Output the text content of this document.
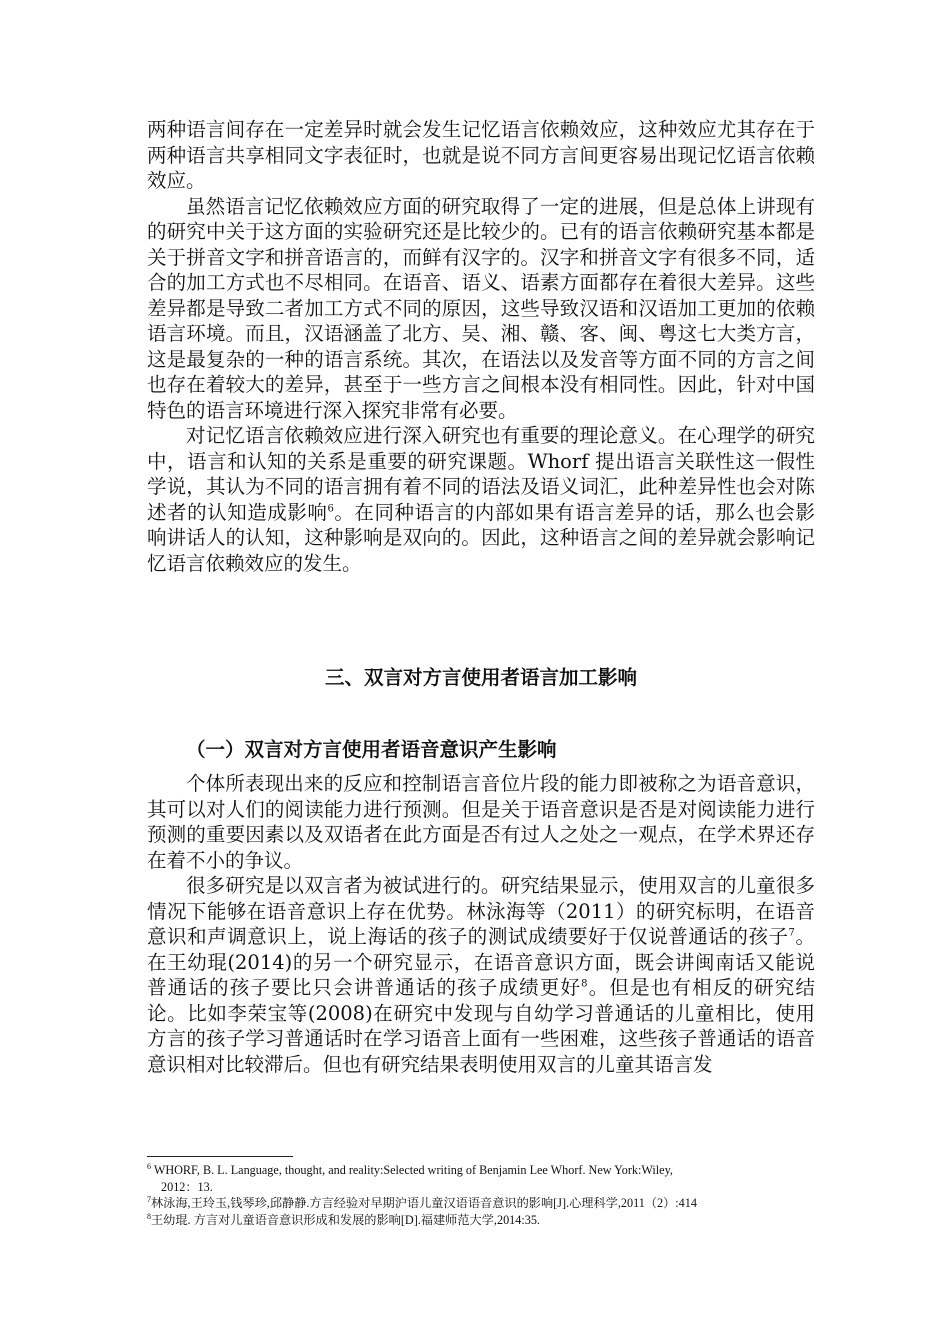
两种语言间存在一定差异时就会发生记忆语言依赖效应，这种效应尤其存在于两种语言共享相同文字表征时，也就是说不同方言间更容易出现记忆语言依赖效应。

虽然语言记忆依赖效应方面的研究取得了一定的进展，但是总体上讲现有的研究中关于这方面的实验研究还是比较少的。已有的语言依赖研究基本都是关于拼音文字和拼音语言的，而鲜有汉字的。汉字和拼音文字有很多不同，适合的加工方式也不尽相同。在语音、语义、语素方面都存在着很大差异。这些差异都是导致二者加工方式不同的原因，这些导致汉语和汉语加工更加的依赖语言环境。而且，汉语涵盖了北方、吴、湘、赣、客、闽、粤这七大类方言，这是最复杂的一种的语言系统。其次，在语法以及发音等方面不同的方言之间也存在着较大的差异，甚至于一些方言之间根本没有相同性。因此，针对中国特色的语言环境进行深入探究非常有必要。

对记忆语言依赖效应进行深入研究也有重要的理论意义。在心理学的研究中，语言和认知的关系是重要的研究课题。Whorf 提出语言关联性这一假性学说，其认为不同的语言拥有着不同的语法及语义词汇，此种差异性也会对陈述者的认知造成影响$^6$。在同种语言的内部如果有语言差异的话，那么也会影响讲话人的认知，这种影响是双向的。因此，这种语言之间的差异就会影响记忆语言依赖效应的发生。

三、双言对方言使用者语言加工影响
（一）双言对方言使用者语音意识产生影响

个体所表现出来的反应和控制语言音位片段的能力即被称之为语音意识，其可以对人们的阅读能力进行预测。但是关于语音意识是否是对阅读能力进行预测的重要因素以及双语者在此方面是否有过人之处之一观点，在学术界还存在着不小的争议。

很多研究是以双言者为被试进行的。研究结果显示，使用双言的儿童很多情况下能够在语音意识上存在优势。林泳海等（2011）的研究标明，在语音意识和声调意识上，说上海话的孩子的测试成绩要好于仅说普通话的孩子$^7$。在王幼琨(2014)的另一个研究显示，在语音意识方面，既会讲闽南话又能说普通话的孩子要比只会讲普通话的孩子成绩更好$^8$。但是也有相反的研究结论。比如李荣宝等(2008)在研究中发现与自幼学习普通话的儿童相比，使用方言的孩子学习普通话时在学习语音上面有一些困难，这些孩子普通话的语音意识相对比较滞后。但也有研究结果表明使用双言的儿童其语言发

$^6$ WHORF, B. L. Language, thought, and reality:Selected writing of Benjamin Lee Whorf. New York:Wiley,

2012：13.

$^7$林泳海,王玲玉,钱琴珍,邱静静.方言经验对早期沪语儿童汉语语音意识的影响[J].心理科学,2011（2）:414

$^8$王幼琨. 方言对儿童语音意识形成和发展的影响[D].福建师范大学,2014:35.
